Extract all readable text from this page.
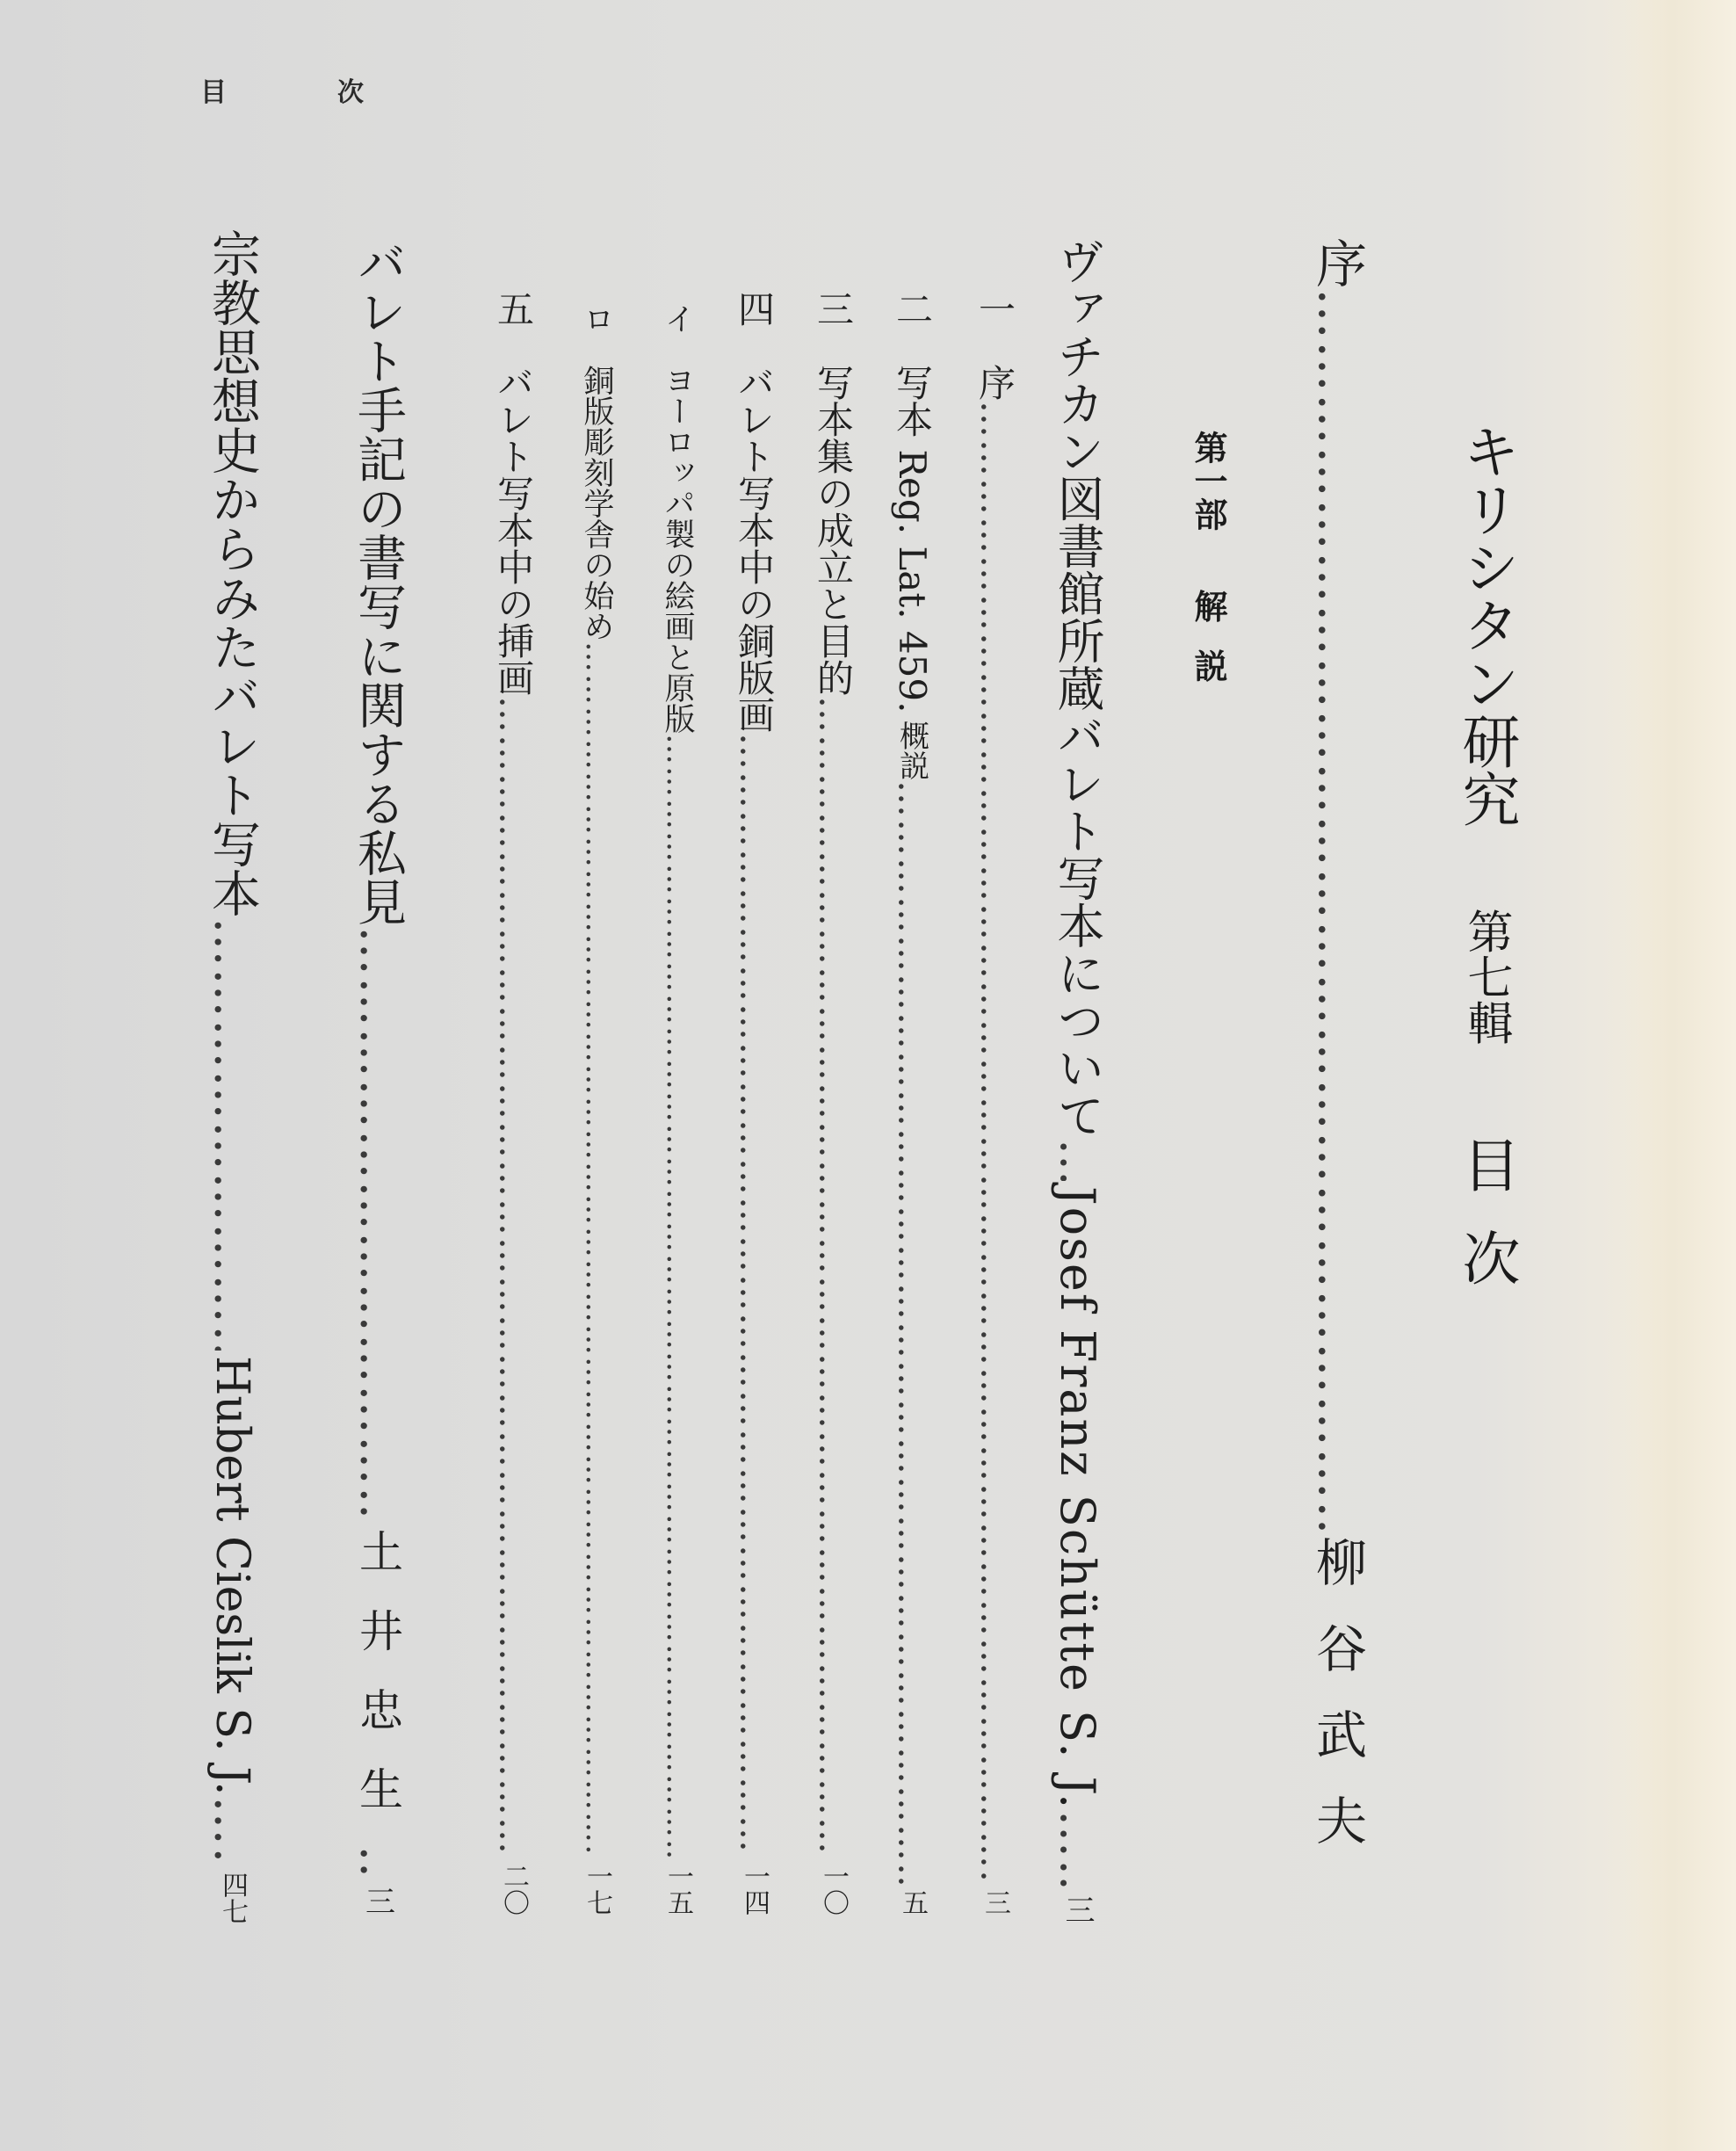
目	次
キリシタン研究  第七輯  目次
序
…………………………………………………………………………………………………………………………………………………………………………………………………………………
柳谷武夫
第一部  解説
ヴァチカン図書館所蔵バレト写本について
…………………………………………………………………………………………………………………………………………………………………………………………………………………
Josef Franz Schütte S. J.
…………………………………………………………………………………………………………………………………………………………………………………………………………………
三
一　序
…………………………………………………………………………………………………………………………………………………………………………………………………………………
三
二　写本 Reg. Lat. 459.
概説
…………………………………………………………………………………………………………………………………………………………………………………………………………………
五
三　写本集の成立と目的
…………………………………………………………………………………………………………………………………………………………………………………………………………………
一〇
四　バレト写本中の銅版画
…………………………………………………………………………………………………………………………………………………………………………………………………………………
一四
イ　ヨーロッパ製の絵画と原版
…………………………………………………………………………………………………………………………………………………………………………………………………………………
一五
ロ　銅版彫刻学舎の始め
…………………………………………………………………………………………………………………………………………………………………………………………………………………
一七
五　バレト写本中の挿画
…………………………………………………………………………………………………………………………………………………………………………………………………………………
二〇
バレト手記の書写に関する私見
…………………………………………………………………………………………………………………………………………………………………………………………………………………
土井忠生
…………………………………………………………………………………………………………………………………………………………………………………………………………………
三
宗教思想史からみたバレト写本
…………………………………………………………………………………………………………………………………………………………………………………………………………………
Hubert Cieslik S. J.
…………………………………………………………………………………………………………………………………………………………………………………………………………………
四七
